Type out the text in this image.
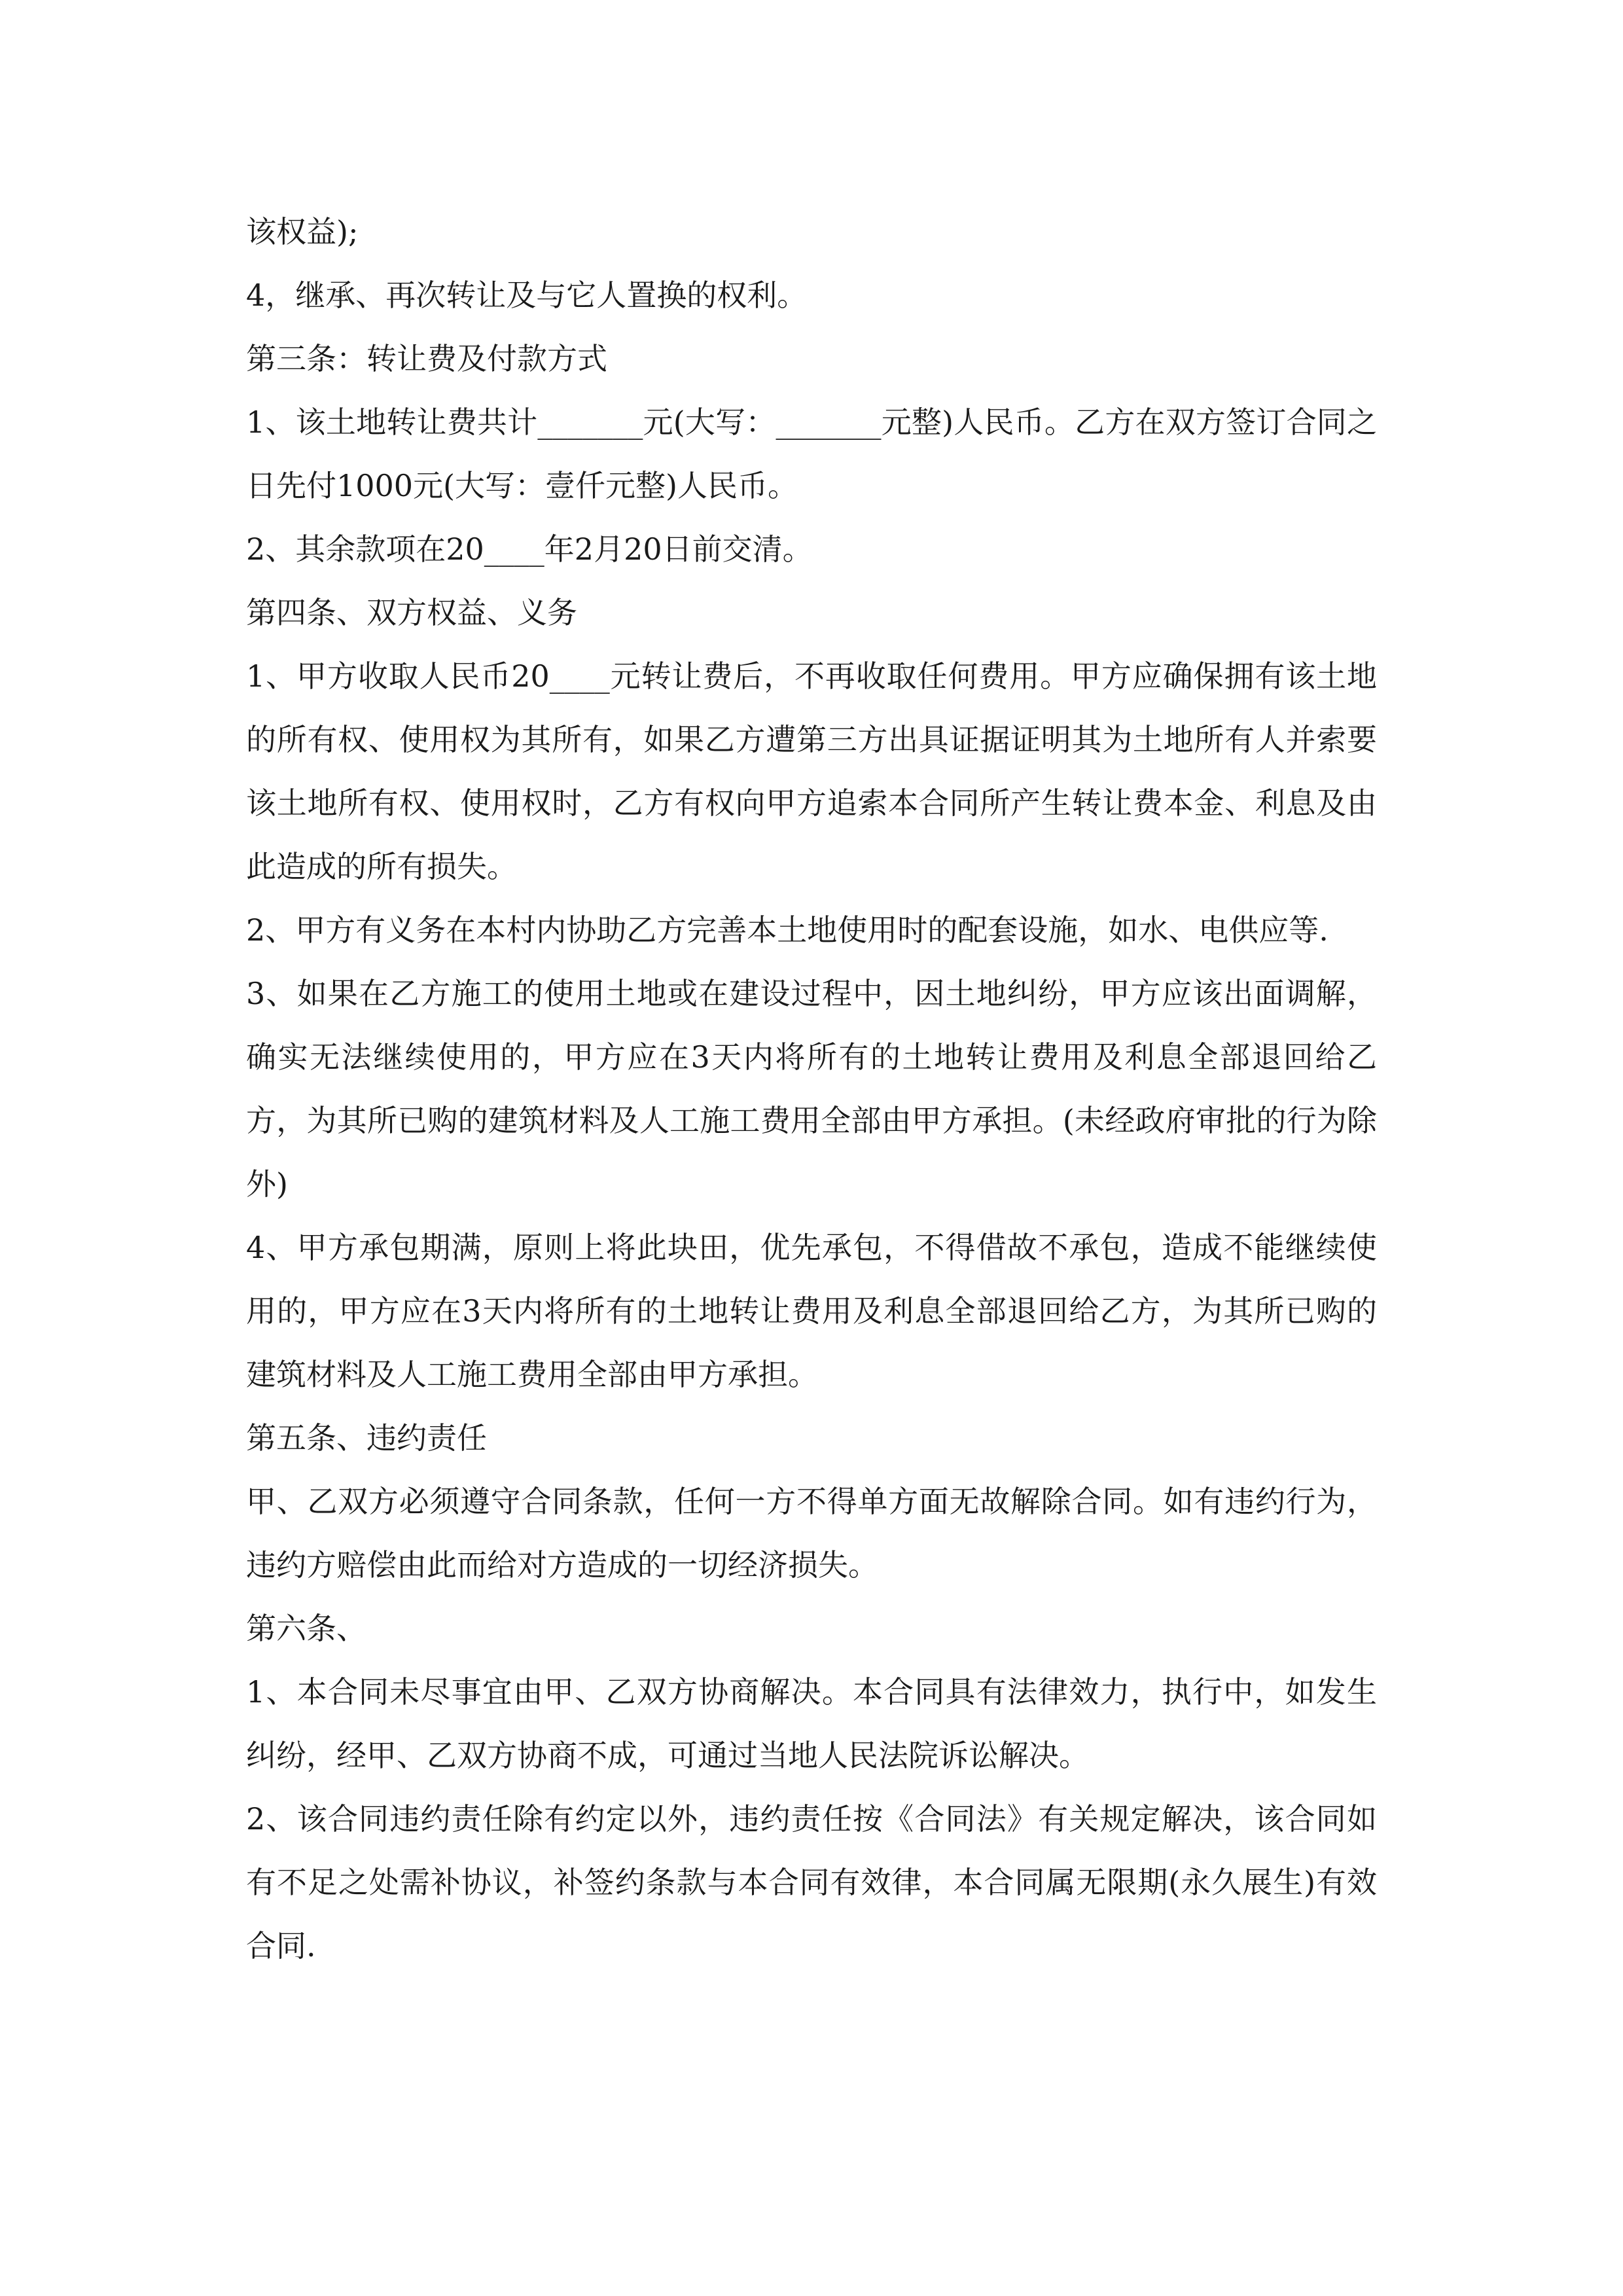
该权益);

4，继承、再次转让及与它人置换的权利。

第三条：转让费及付款方式

1、该土地转让费共计_______元(大写：_______元整)人民币。乙方在双方签订合同之日先付1000元(大写：壹仟元整)人民币。

2、其余款项在20____年2月20日前交清。

第四条、双方权益、义务

1、甲方收取人民币20____元转让费后，不再收取任何费用。甲方应确保拥有该土地的所有权、使用权为其所有，如果乙方遭第三方出具证据证明其为土地所有人并索要该土地所有权、使用权时，乙方有权向甲方追索本合同所产生转让费本金、利息及由此造成的所有损失。

2、甲方有义务在本村内协助乙方完善本土地使用时的配套设施，如水、电供应等.

3、如果在乙方施工的使用土地或在建设过程中，因土地纠纷，甲方应该出面调解，确实无法继续使用的，甲方应在3天内将所有的土地转让费用及利息全部退回给乙方，为其所已购的建筑材料及人工施工费用全部由甲方承担。(未经政府审批的行为除外)

4、甲方承包期满，原则上将此块田，优先承包，不得借故不承包，造成不能继续使用的，甲方应在3天内将所有的土地转让费用及利息全部退回给乙方，为其所已购的建筑材料及人工施工费用全部由甲方承担。

第五条、违约责任

甲、乙双方必须遵守合同条款，任何一方不得单方面无故解除合同。如有违约行为，违约方赔偿由此而给对方造成的一切经济损失。

第六条、

1、本合同未尽事宜由甲、乙双方协商解决。本合同具有法律效力，执行中，如发生纠纷，经甲、乙双方协商不成，可通过当地人民法院诉讼解决。

2、该合同违约责任除有约定以外，违约责任按《合同法》有关规定解决，该合同如有不足之处需补协议，补签约条款与本合同有效律，本合同属无限期(永久展生)有效合同.
